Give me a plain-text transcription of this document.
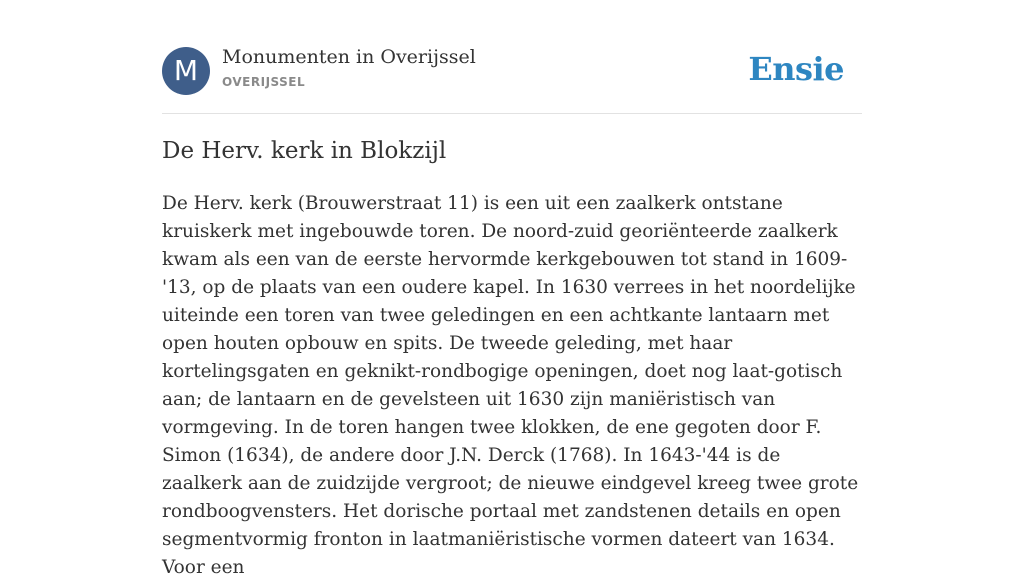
M	Monumenten in Overijssel
OVERIJSSEL	Ensie
De Herv. kerk in Blokzijl

De Herv. kerk (Brouwerstraat 11) is een uit een zaalkerk ontstane kruiskerk met ingebouwde toren. De noord-zuid georiënteerde zaalkerk kwam als een van de eerste hervormde kerkgebouwen tot stand in 1609-'13, op de plaats van een oudere kapel. In 1630 verrees in het noordelijke uiteinde een toren van twee geledingen en een achtkante lantaarn met open houten opbouw en spits. De tweede geleding, met haar kortelingsgaten en geknikt-rondbogige openingen, doet nog laat-gotisch aan; de lantaarn en de gevelsteen uit 1630 zijn maniëristisch van vormgeving. In de toren hangen twee klokken, de ene gegoten door F. Simon (1634), de andere door J.N. Derck (1768). In 1643-'44 is de zaalkerk aan de zuidzijde vergroot; de nieuwe eindgevel kreeg twee grote rondboogvensters. Het dorische portaal met zandstenen details en open segmentvormig fronton in laatmaniëristische vormen dateert van 1634. Voor een
